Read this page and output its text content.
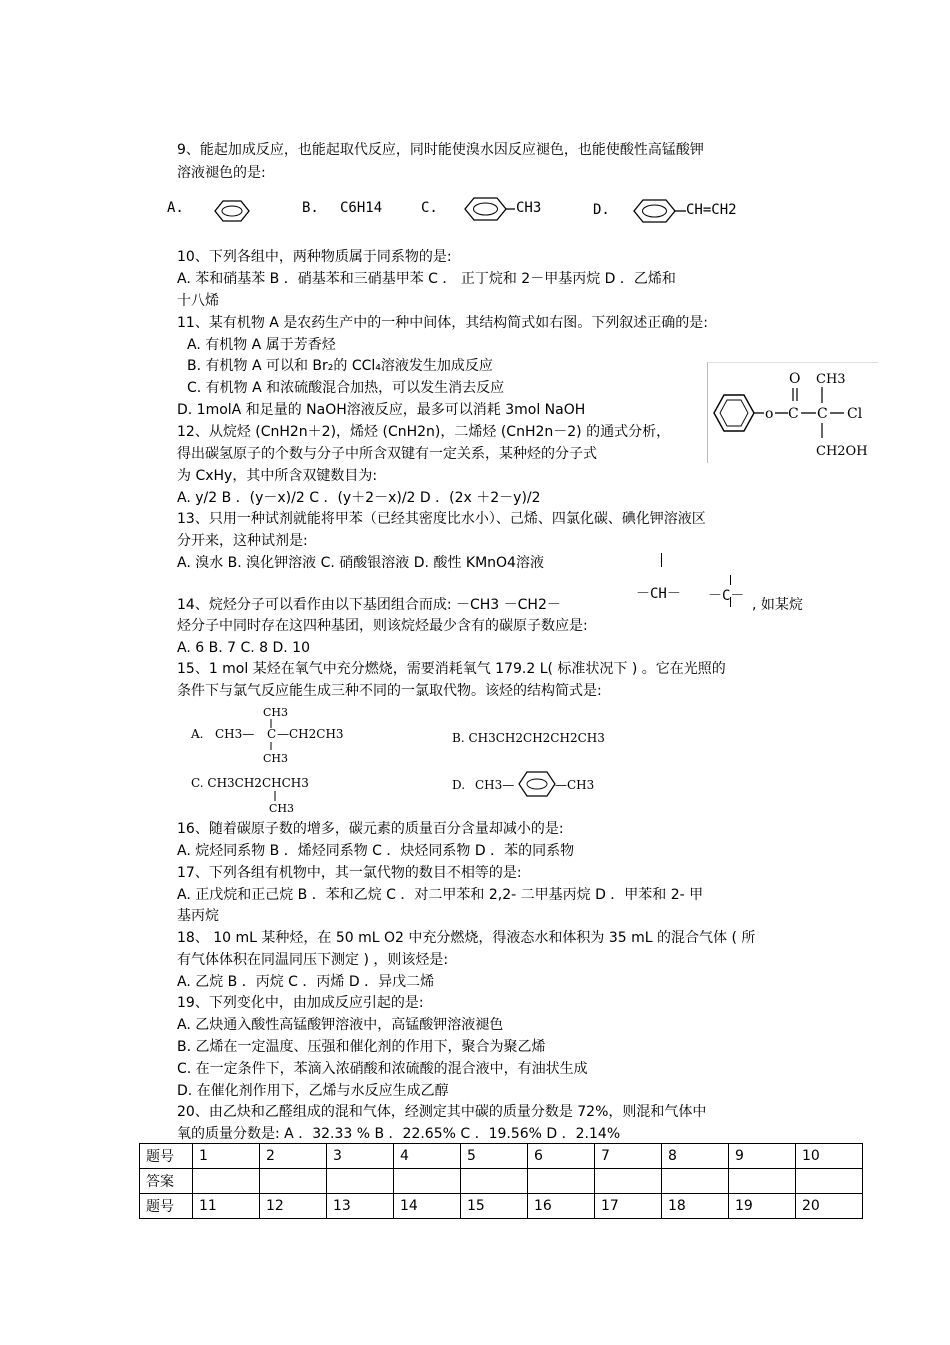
9、能起加成反应，也能起取代反应，同时能使溴水因反应褪色，也能使酸性高锰酸钾
溶液褪色的是:
A.	B. C6H14	C.	CH3	D.	CH=CH2
10、下列各组中，两种物质属于同系物的是:
A. 苯和硝基苯 B ．硝基苯和三硝基甲苯 C ． 正丁烷和 2－甲基丙烷 D ．乙烯和
十八烯
11、某有机物 A 是农药生产中的一种中间体，其结构简式如右图。下列叙述正确的是:
A. 有机物 A 属于芳香烃
B. 有机物 A 可以和 Br₂的 CCl₄溶液发生加成反应
C. 有机物 A 和浓硫酸混合加热，可以发生消去反应
D. 1molA 和足量的 NaOH溶液反应，最多可以消耗 3mol NaOH	o C
O
C
CH3
Cl
CH2OH
12、从烷烃 (CnH2n＋2)，烯烃 (CnH2n)，二烯烃 (CnH2n－2) 的通式分析，
得出碳氢原子的个数与分子中所含双键有一定关系，某种烃的分子式
为 CxHy，其中所含双键数目为:
A. y/2 B ．(y－x)/2 C ．(y＋2－x)/2 D ．(2x ＋2－y)/2
13、只用一种试剂就能将甲苯（已经其密度比水小）、己烯、四氯化碳、碘化钾溶液区
分开来，这种试剂是:
A. 溴水 B. 溴化钾溶液 C. 硝酸银溶液 D. 酸性 KMnO4溶液
14、烷烃分子可以看作由以下基团组合而成: －CH3 －CH2－
－CH－ －C－
, 如某烷
烃分子中同时存在这四种基团，则该烷烃最少含有的碳原子数应是:
A. 6 B. 7 C. 8 D. 10
15、1 mol 某烃在氧气中充分燃烧，需要消耗氧气 179.2 L( 标准状况下 ) 。它在光照的
条件下与氯气反应能生成三种不同的一氯取代物。该烃的结构简式是:
A. CH3— C —CH2CH3
CH3
CH3
B. CH3CH2CH2CH2CH3
C. CH3CH2CHCH3
CH3
D. CH3—	—CH3
16、随着碳原子数的增多，碳元素的质量百分含量却减小的是:
A. 烷烃同系物 B ．烯烃同系物 C ．炔烃同系物 D ．苯的同系物
17、下列各组有机物中，其一氯代物的数目不相等的是:
A. 正戊烷和正己烷 B ．苯和乙烷 C ．对二甲苯和 2,2- 二甲基丙烷 D ．甲苯和 2- 甲
基丙烷
18、 10 mL 某种烃，在 50 mL O2 中充分燃烧，得液态水和体积为 35 mL 的混合气体 ( 所
有气体体积在同温同压下测定 ) ，则该烃是:
A. 乙烷 B ．丙烷 C ．丙烯 D ．异戊二烯
19、下列变化中，由加成反应引起的是:
A. 乙炔通入酸性高锰酸钾溶液中，高锰酸钾溶液褪色
B. 乙烯在一定温度、压强和催化剂的作用下，聚合为聚乙烯
C. 在一定条件下，苯滴入浓硝酸和浓硫酸的混合液中，有油状生成
D. 在催化剂作用下，乙烯与水反应生成乙醇
20、由乙炔和乙醛组成的混和气体，经测定其中碳的质量分数是 72%，则混和气体中
氧的质量分数是: A ．32.33 % B ．22.65% C ．19.56% D ．2.14%
题号	1	2	3	4	5	6	7	8	9	10
答案										
题号	11	12	13	14	15	16	17	18	19	20
